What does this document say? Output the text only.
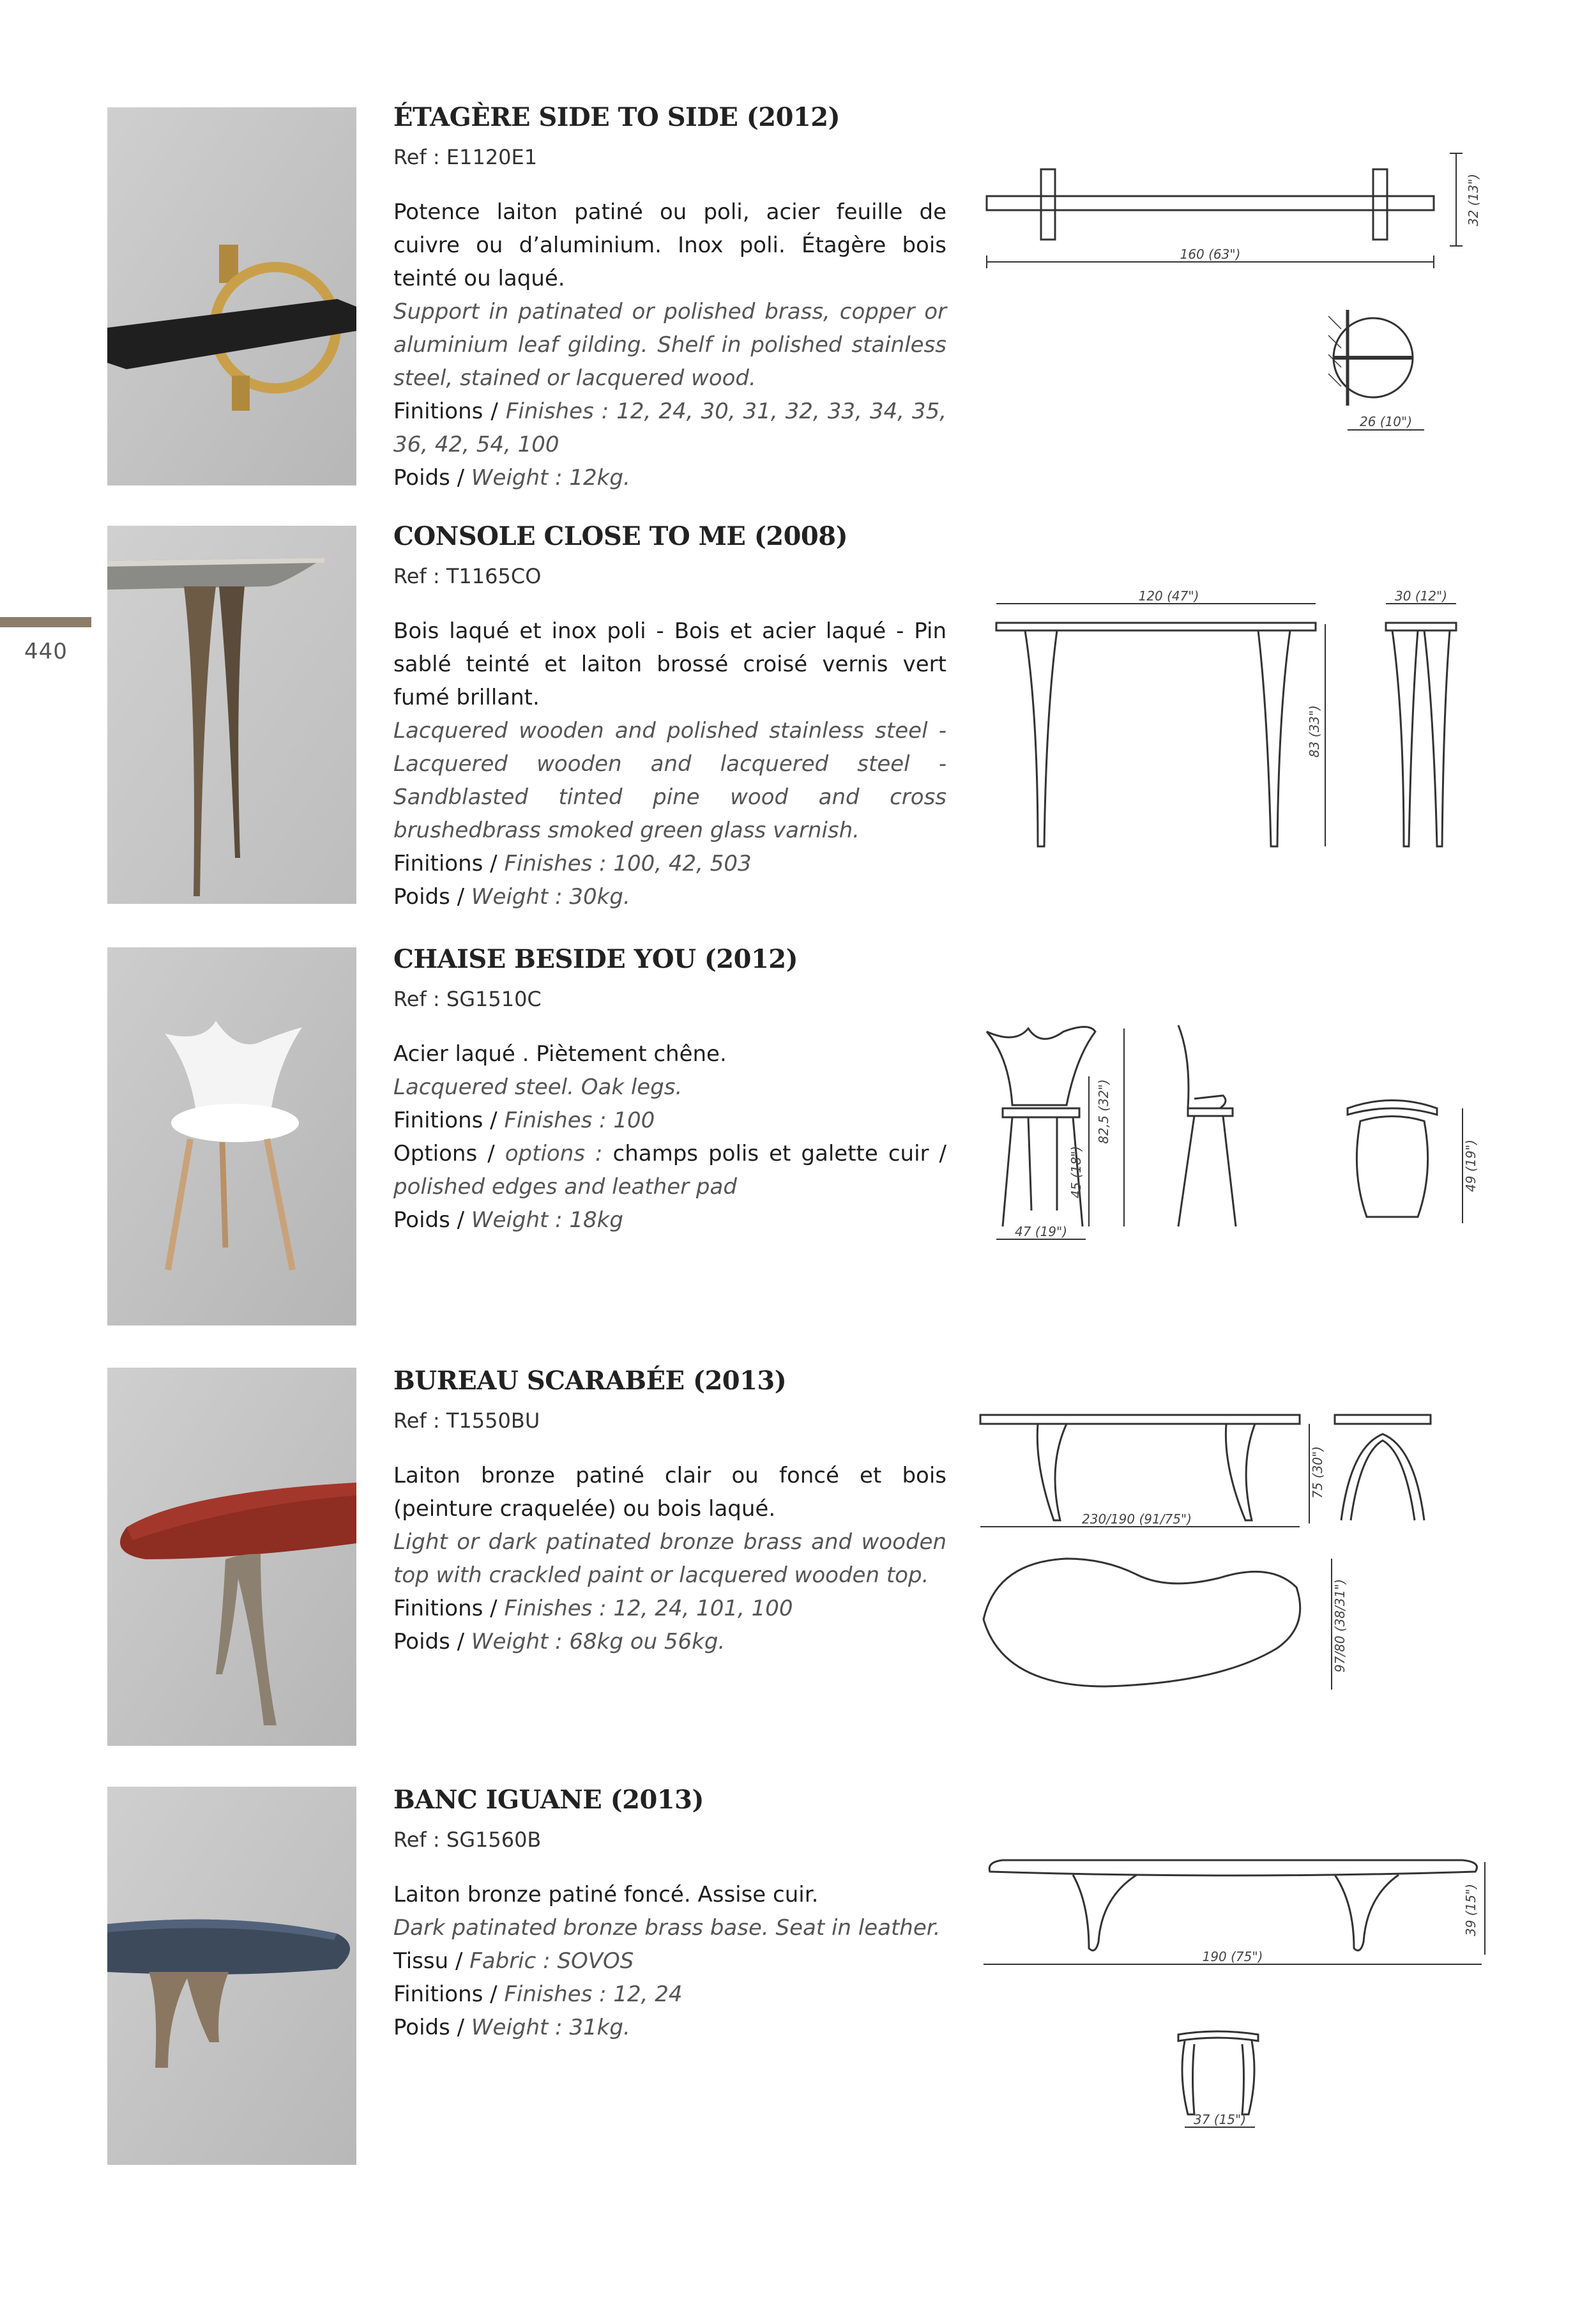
440
ÉTAGÈRE SIDE TO SIDE (2012)
Ref : E1120E1

Potence laiton patiné ou poli, acier feuille de cuivre ou d’aluminium. Inox poli. Étagère bois teinté ou laqué.

Support in patinated or polished brass, copper or aluminium leaf gilding. Shelf in polished stainless steel, stained or lacquered wood.

Finitions / Finishes : 12, 24, 30, 31, 32, 33, 34, 35, 36, 42, 54, 100

Poids / Weight : 12kg.

160 (63")
32 (13")
26 (10")
CONSOLE CLOSE TO ME (2008)
Ref : T1165CO

Bois laqué et inox poli - Bois et acier laqué - Pin sablé teinté et laiton brossé croisé vernis vert fumé brillant.

Lacquered wooden and polished stainless steel - Lacquered wooden and lacquered steel - Sandblasted tinted pine wood and cross brushedbrass smoked green glass varnish.

Finitions / Finishes : 100, 42, 503

Poids / Weight : 30kg.

120 (47")	30 (12")
83 (33")
CHAISE BESIDE YOU (2012)
Ref : SG1510C

Acier laqué . Piètement chêne.

Lacquered steel. Oak legs.

Finitions / Finishes : 100

Options / options : champs polis et galette cuir / polished edges and leather pad

Poids / Weight : 18kg

82,5 (32")
45 (18")
47 (19")
49 (19")
BUREAU SCARABÉE (2013)
Ref : T1550BU

Laiton bronze patiné clair ou foncé et bois (peinture craquelée) ou bois laqué.

Light or dark patinated bronze brass and wooden top with crackled paint or lacquered wooden top.

Finitions / Finishes : 12, 24, 101, 100

Poids / Weight : 68kg ou 56kg.

230/190 (91/75")
75 (30")
97/80 (38/31")
BANC IGUANE (2013)
Ref : SG1560B

Laiton bronze patiné foncé. Assise cuir.

Dark patinated bronze brass base. Seat in leather.

Tissu / Fabric : SOVOS

Finitions / Finishes : 12, 24

Poids / Weight : 31kg.

190 (75")
39 (15")
37 (15")
